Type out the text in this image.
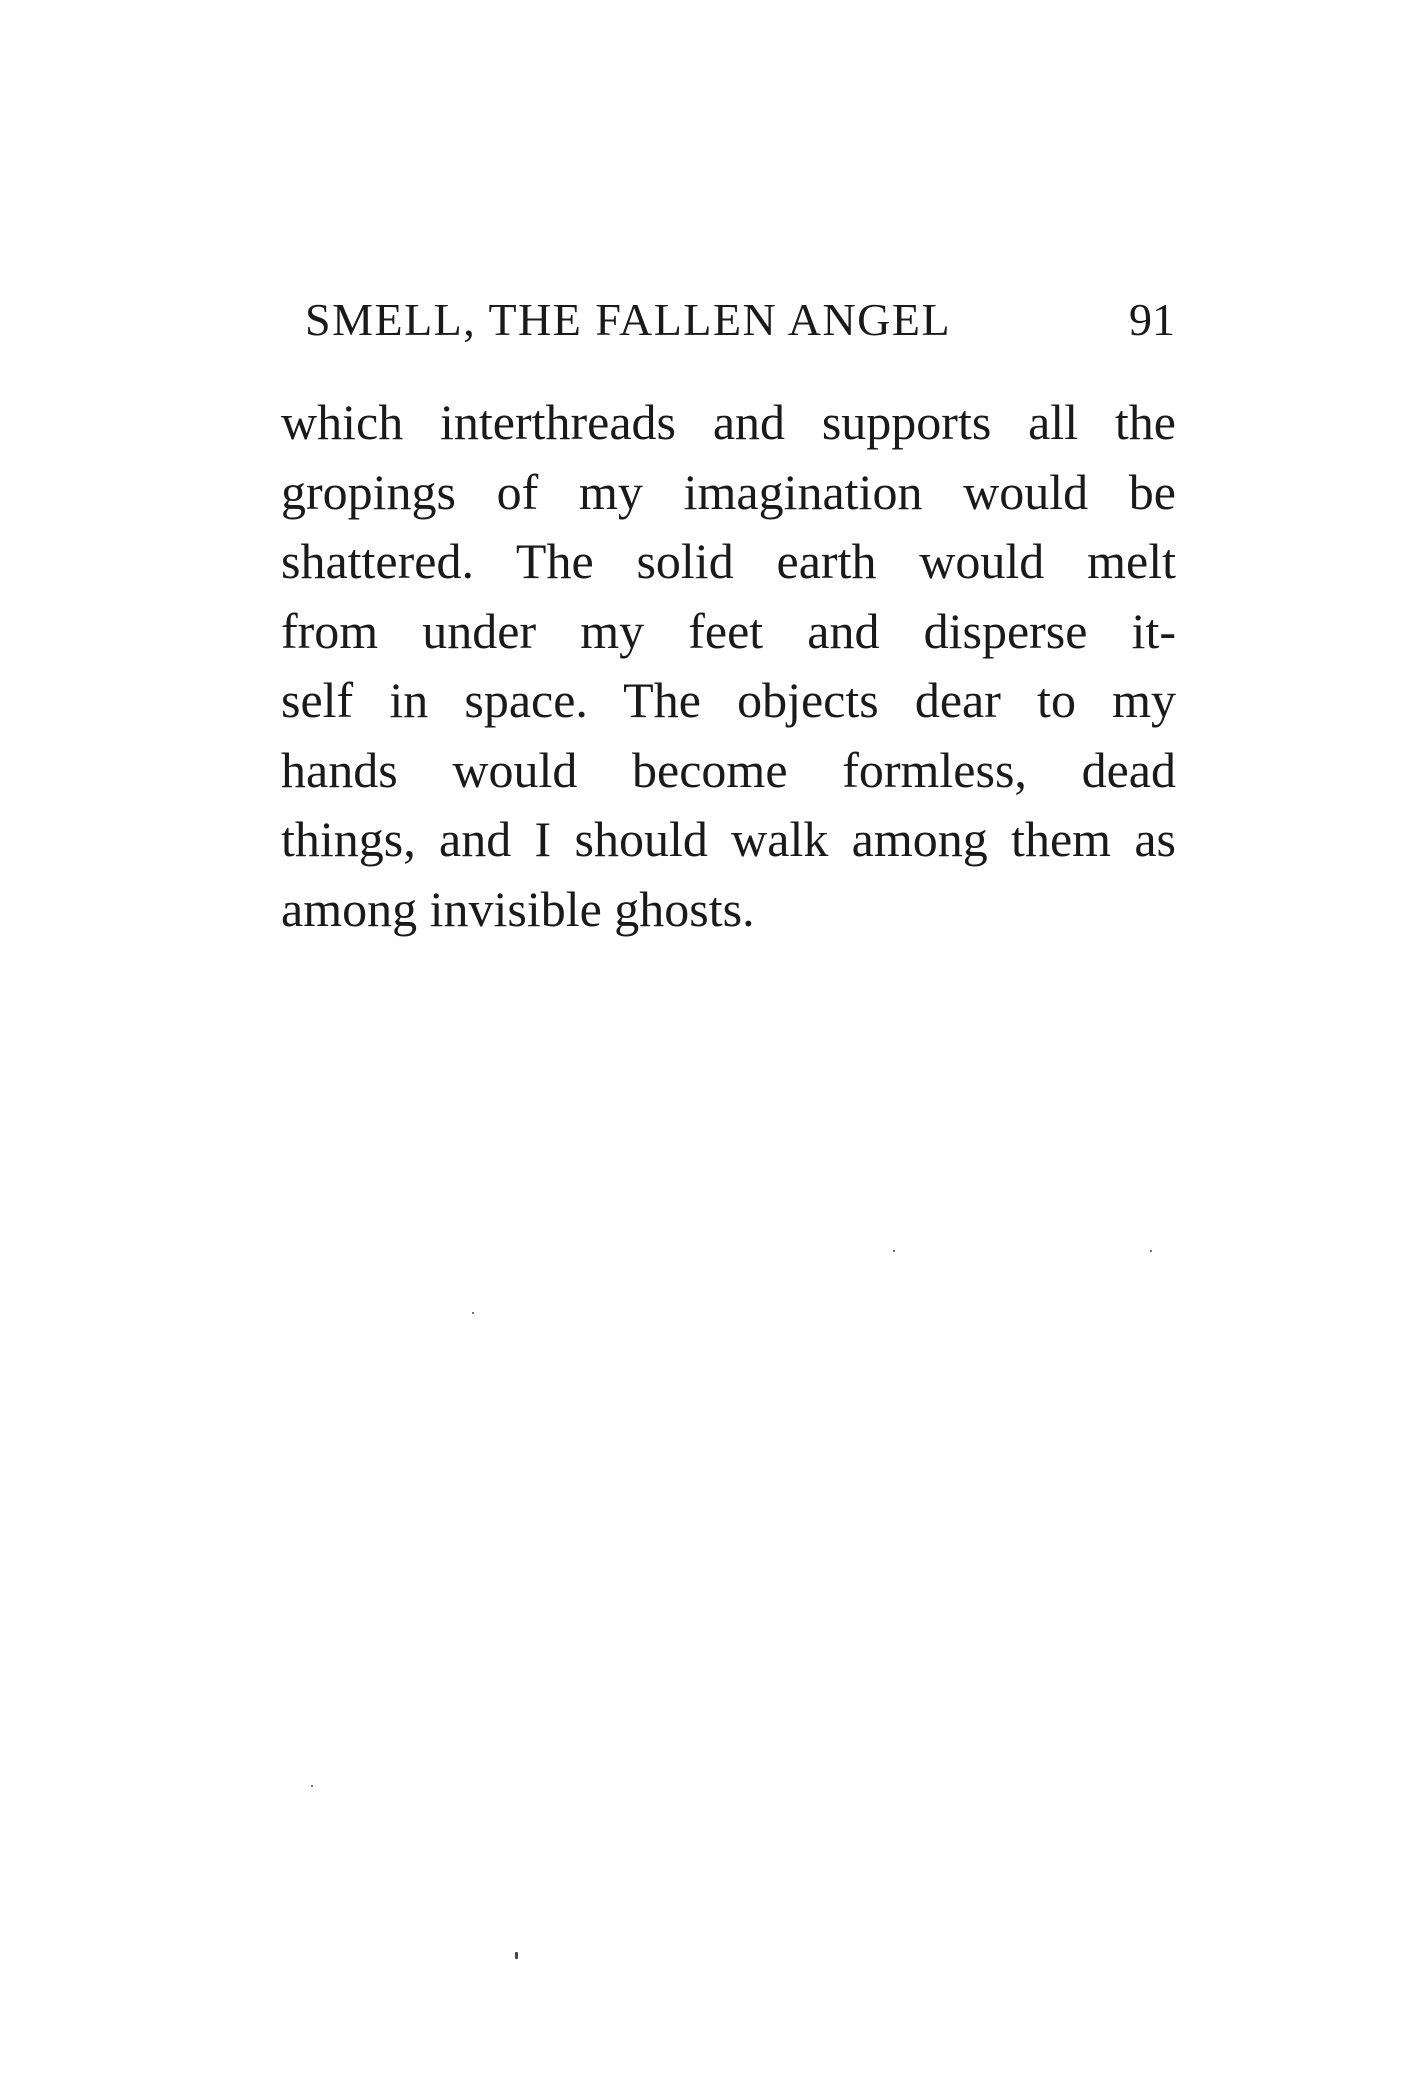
SMELL, THE FALLEN ANGEL	91
which interthreads and supports all the
gropings of my imagination would be
shattered. The solid earth would melt
from under my feet and disperse it-
self in space. The objects dear to my
hands would become formless, dead
things, and I should walk among them as
among invisible ghosts.
